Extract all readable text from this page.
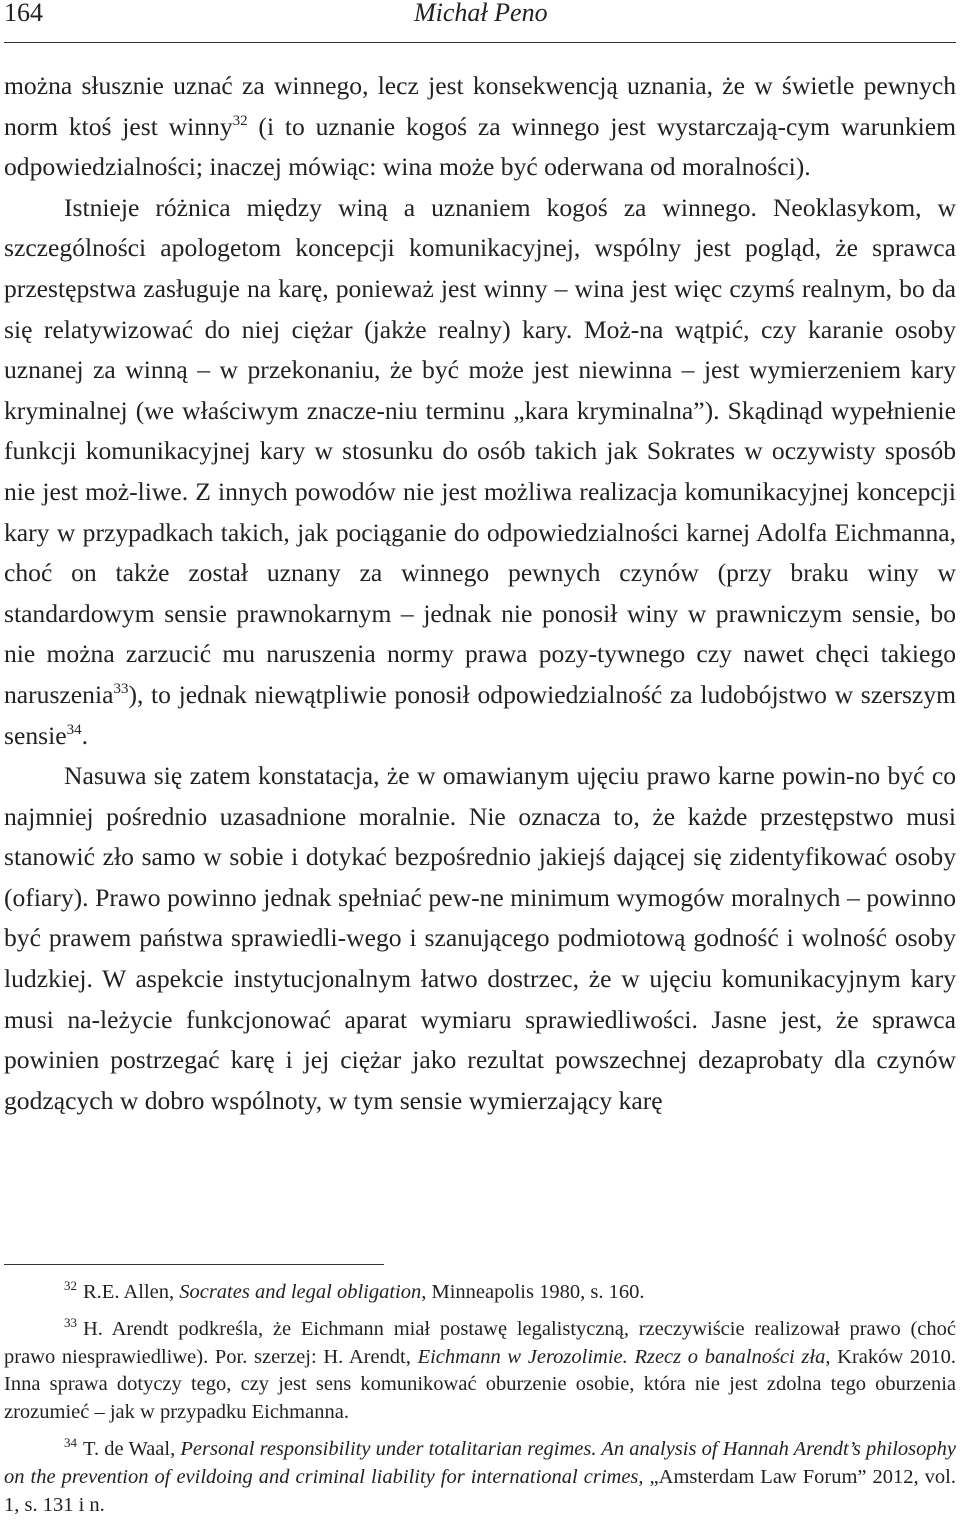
164	Michał Peno

można słusznie uznać za winnego, lecz jest konsekwencją uznania, że w świetle pewnych norm ktoś jest winny$^{32}$ (i to uznanie kogoś za winnego jest wystarczają-cym warunkiem odpowiedzialności; inaczej mówiąc: wina może być oderwana od moralności).

Istnieje różnica między winą a uznaniem kogoś za winnego. Neoklasykom, w szczególności apologetom koncepcji komunikacyjnej, wspólny jest pogląd, że sprawca przestępstwa zasługuje na karę, ponieważ jest winny – wina jest więc czymś realnym, bo da się relatywizować do niej ciężar (jakże realny) kary. Moż-na wątpić, czy karanie osoby uznanej za winną – w przekonaniu, że być może jest niewinna – jest wymierzeniem kary kryminalnej (we właściwym znacze-niu terminu „kara kryminalna”). Skądinąd wypełnienie funkcji komunikacyjnej kary w stosunku do osób takich jak Sokrates w oczywisty sposób nie jest moż-liwe. Z innych powodów nie jest możliwa realizacja komunikacyjnej koncepcji kary w przypadkach takich, jak pociąganie do odpowiedzialności karnej Adolfa Eichmanna, choć on także został uznany za winnego pewnych czynów (przy braku winy w standardowym sensie prawnokarnym – jednak nie ponosił winy w prawniczym sensie, bo nie można zarzucić mu naruszenia normy prawa pozy-tywnego czy nawet chęci takiego naruszenia$^{33}$), to jednak niewątpliwie ponosił odpowiedzialność za ludobójstwo w szerszym sensie$^{34}$.

Nasuwa się zatem konstatacja, że w omawianym ujęciu prawo karne powin-no być co najmniej pośrednio uzasadnione moralnie. Nie oznacza to, że każde przestępstwo musi stanowić zło samo w sobie i dotykać bezpośrednio jakiejś dającej się zidentyfikować osoby (ofiary). Prawo powinno jednak spełniać pew-ne minimum wymogów moralnych – powinno być prawem państwa sprawiedli-wego i szanującego podmiotową godność i wolność osoby ludzkiej. W aspekcie instytucjonalnym łatwo dostrzec, że w ujęciu komunikacyjnym kary musi na-leżycie funkcjonować aparat wymiaru sprawiedliwości. Jasne jest, że sprawca powinien postrzegać karę i jej ciężar jako rezultat powszechnej dezaprobaty dla czynów godzących w dobro wspólnoty, w tym sensie wymierzający karę

$^{32}$ R.E. Allen, Socrates and legal obligation, Minneapolis 1980, s. 160.

$^{33}$ H. Arendt podkreśla, że Eichmann miał postawę legalistyczną, rzeczywiście realizował prawo (choć prawo niesprawiedliwe). Por. szerzej: H. Arendt, Eichmann w Jerozolimie. Rzecz o banalności zła, Kraków 2010. Inna sprawa dotyczy tego, czy jest sens komunikować oburzenie osobie, która nie jest zdolna tego oburzenia zrozumieć – jak w przypadku Eichmanna.

$^{34}$ T. de Waal, Personal responsibility under totalitarian regimes. An analysis of Hannah Arendt’s philosophy on the prevention of evildoing and criminal liability for international crimes, „Amsterdam Law Forum” 2012, vol. 1, s. 131 i n.
